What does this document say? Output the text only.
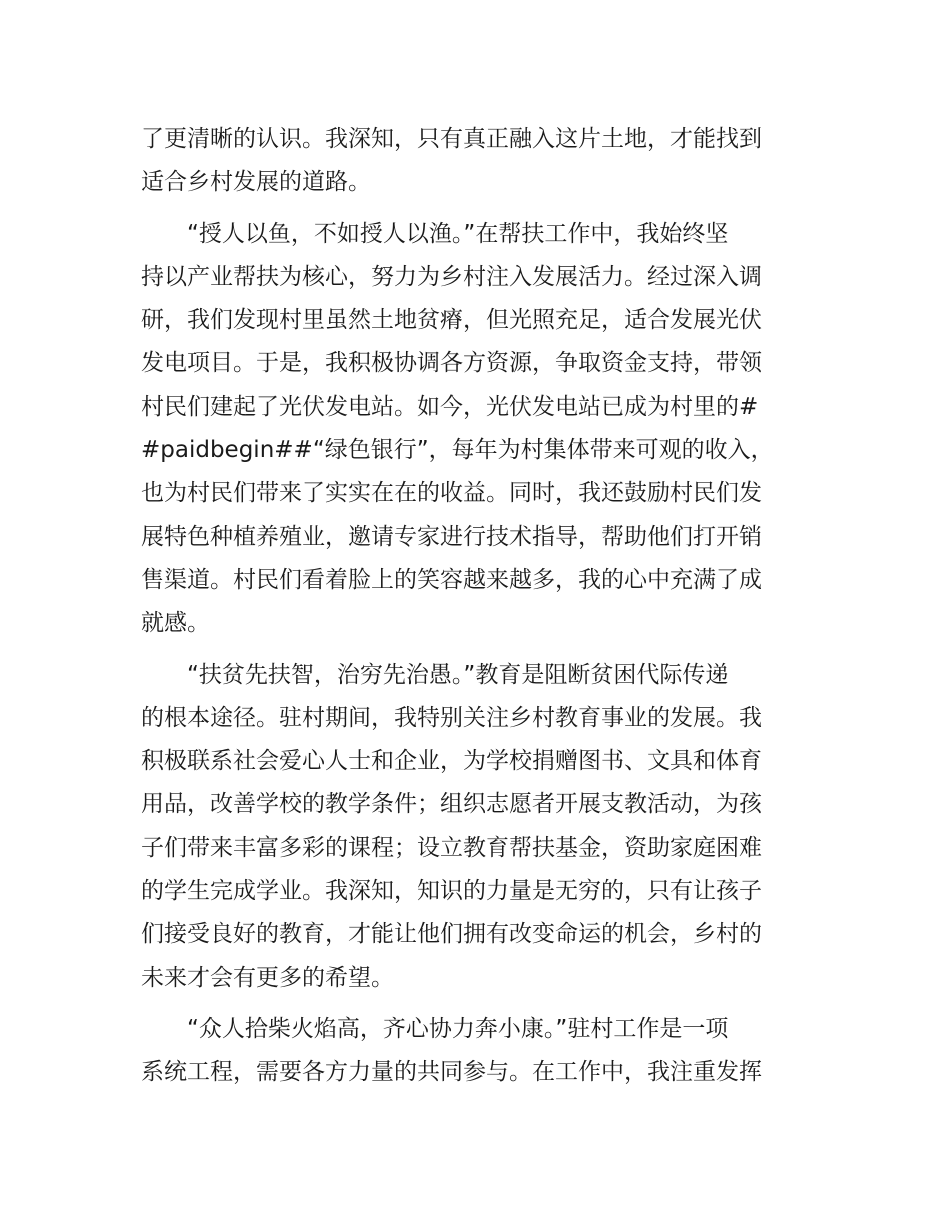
了更清晰的认识。我深知，只有真正融入这片土地，才能找到
适合乡村发展的道路。
“授人以鱼，不如授人以渔。”在帮扶工作中，我始终坚
持以产业帮扶为核心，努力为乡村注入发展活力。经过深入调
研，我们发现村里虽然土地贫瘠，但光照充足，适合发展光伏
发电项目。于是，我积极协调各方资源，争取资金支持，带领
村民们建起了光伏发电站。如今，光伏发电站已成为村里的#
#paidbegin##“绿色银行”，每年为村集体带来可观的收入，
也为村民们带来了实实在在的收益。同时，我还鼓励村民们发
展特色种植养殖业，邀请专家进行技术指导，帮助他们打开销
售渠道。村民们看着脸上的笑容越来越多，我的心中充满了成
就感。
“扶贫先扶智，治穷先治愚。”教育是阻断贫困代际传递
的根本途径。驻村期间，我特别关注乡村教育事业的发展。我
积极联系社会爱心人士和企业，为学校捐赠图书、文具和体育
用品，改善学校的教学条件；组织志愿者开展支教活动，为孩
子们带来丰富多彩的课程；设立教育帮扶基金，资助家庭困难
的学生完成学业。我深知，知识的力量是无穷的，只有让孩子
们接受良好的教育，才能让他们拥有改变命运的机会，乡村的
未来才会有更多的希望。
“众人拾柴火焰高，齐心协力奔小康。”驻村工作是一项
系统工程，需要各方力量的共同参与。在工作中，我注重发挥
